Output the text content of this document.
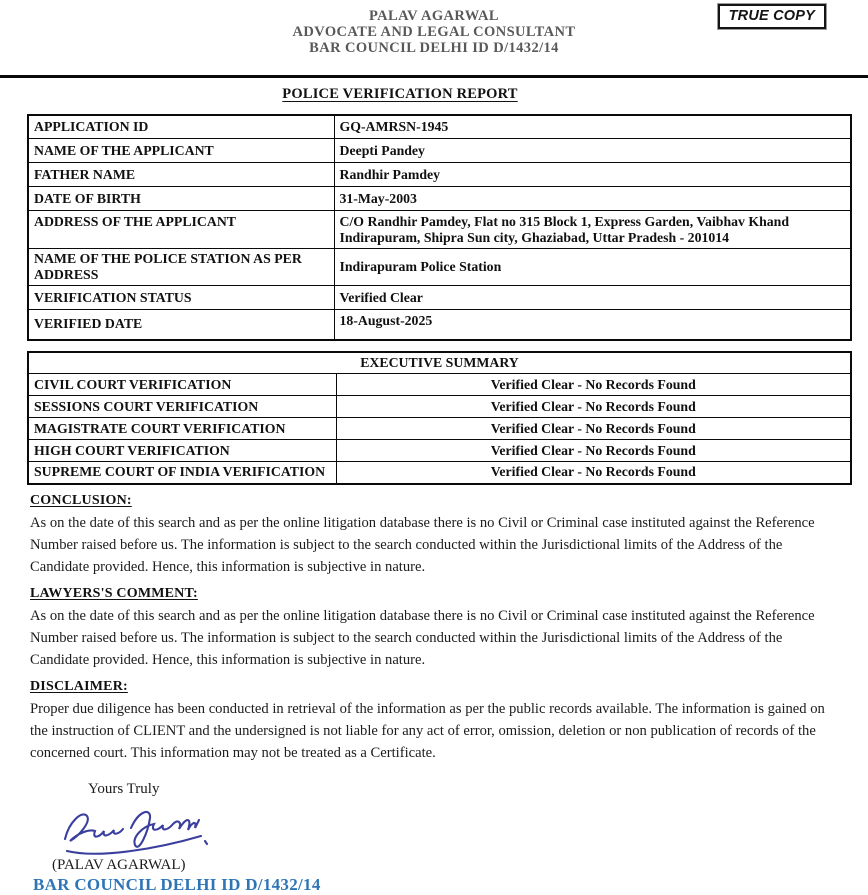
PALAV AGARWAL
ADVOCATE AND LEGAL CONSULTANT
BAR COUNCIL DELHI ID D/1432/14
TRUE COPY
POLICE VERIFICATION REPORT
APPLICATION ID	GQ-AMRSN-1945
NAME OF THE APPLICANT	Deepti Pandey
FATHER NAME	Randhir Pamdey
DATE OF BIRTH	31-May-2003
ADDRESS OF THE APPLICANT	C/O Randhir Pamdey, Flat no 315 Block 1, Express Garden, Vaibhav Khand Indirapuram, Shipra Sun city, Ghaziabad, Uttar Pradesh - 201014
NAME OF THE POLICE STATION AS PER ADDRESS	Indirapuram Police Station
VERIFICATION STATUS	Verified Clear
VERIFIED DATE	18-August-2025
EXECUTIVE SUMMARY	
CIVIL COURT VERIFICATION	Verified Clear - No Records Found
SESSIONS COURT VERIFICATION	Verified Clear - No Records Found
MAGISTRATE COURT VERIFICATION	Verified Clear - No Records Found
HIGH COURT VERIFICATION	Verified Clear - No Records Found
SUPREME COURT OF INDIA VERIFICATION	Verified Clear - No Records Found
CONCLUSION:

As on the date of this search and as per the online litigation database there is no Civil or Criminal case instituted against the Reference Number raised before us. The information is subject to the search conducted within the Jurisdictional limits of the Address of the Candidate provided. Hence, this information is subjective in nature.

LAWYERS'S COMMENT:

As on the date of this search and as per the online litigation database there is no Civil or Criminal case instituted against the Reference Number raised before us. The information is subject to the search conducted within the Jurisdictional limits of the Address of the Candidate provided. Hence, this information is subjective in nature.

DISCLAIMER:

Proper due diligence has been conducted in retrieval of the information as per the public records available. The information is gained on the instruction of CLIENT and the undersigned is not liable for any act of error, omission, deletion or non publication of records of the concerned court. This information may not be treated as a Certificate.

Yours Truly
(PALAV AGARWAL)
BAR COUNCIL DELHI ID D/1432/14
